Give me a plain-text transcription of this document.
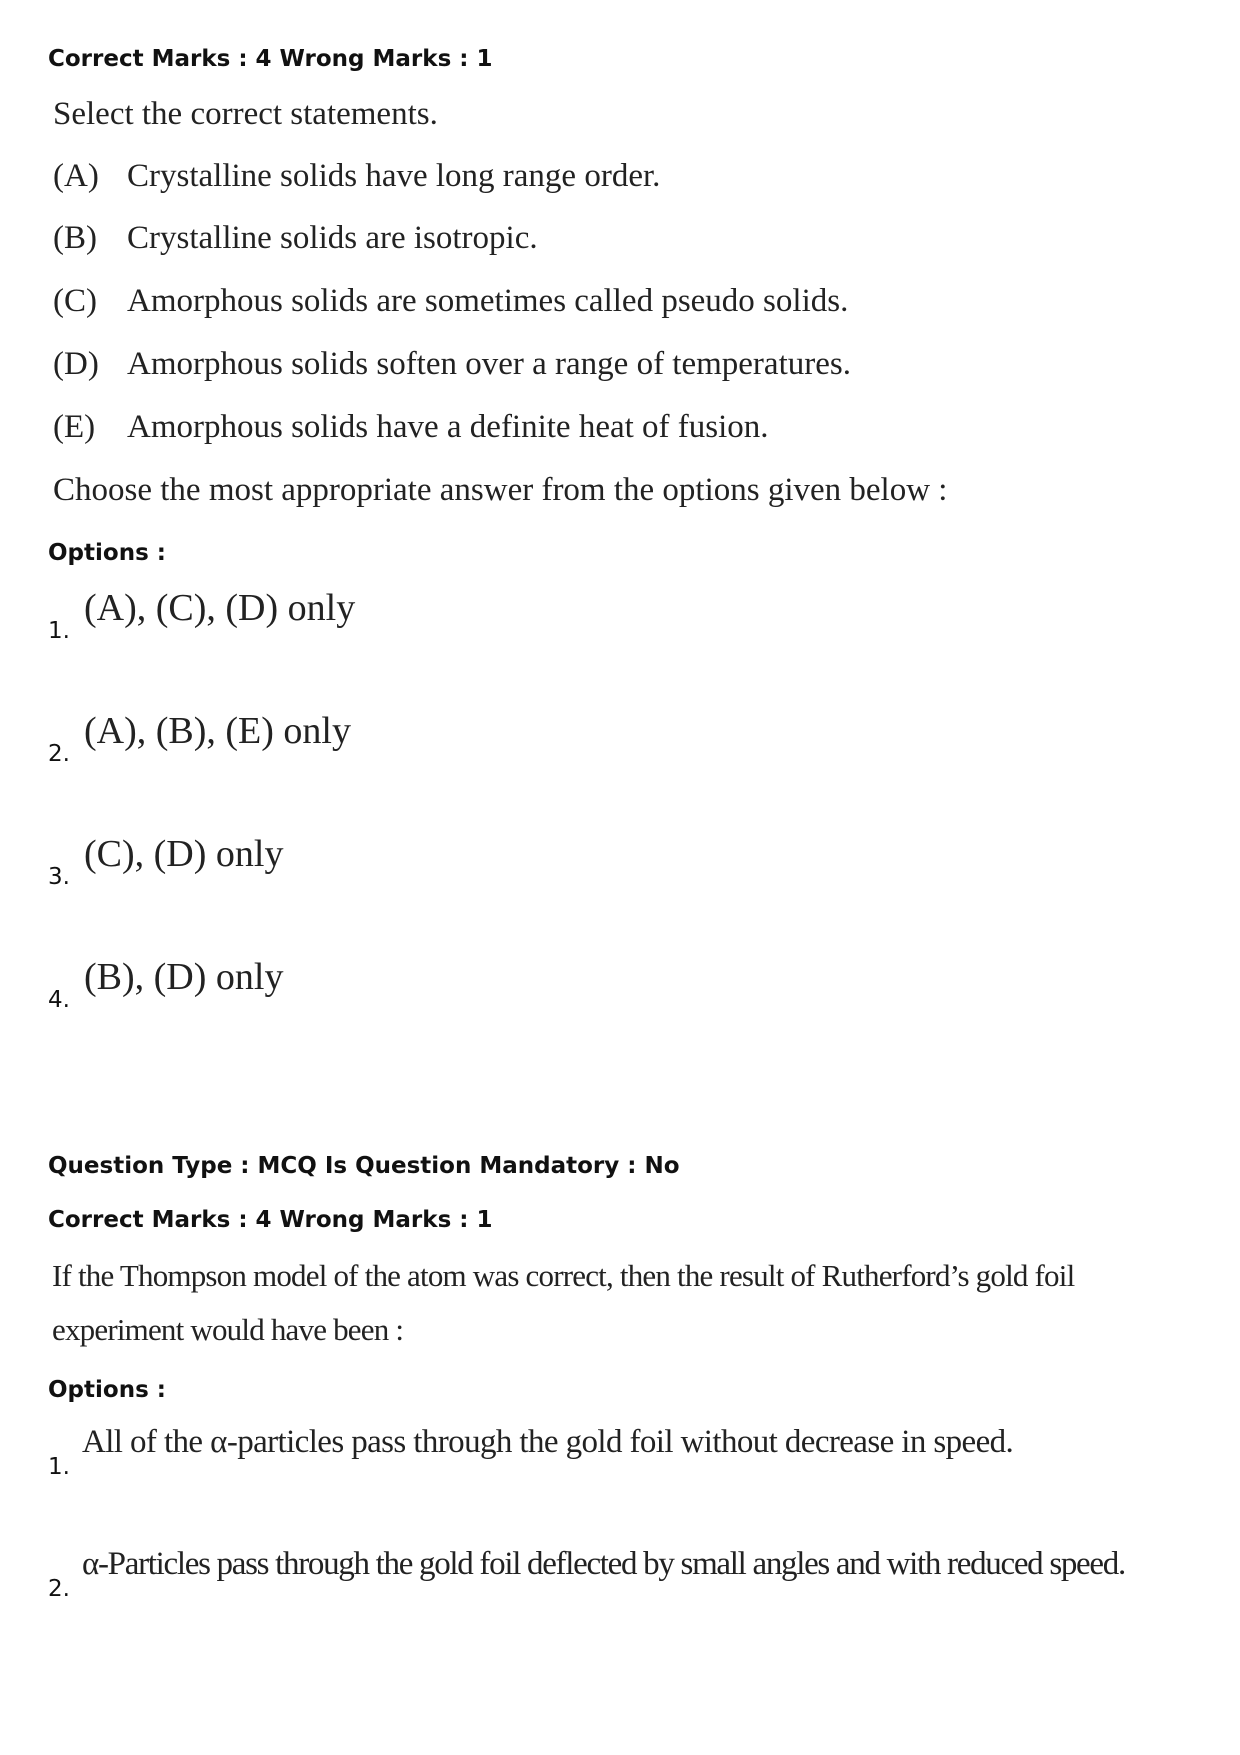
Correct Marks : 4 Wrong Marks : 1
Select the correct statements.
(A) Crystalline solids have long range order.
(B) Crystalline solids are isotropic.
(C) Amorphous solids are sometimes called pseudo solids.
(D) Amorphous solids soften over a range of temperatures.
(E) Amorphous solids have a definite heat of fusion.
Choose the most appropriate answer from the options given below :
Options :
1.
(A), (C), (D) only
2.
(A), (B), (E) only
3.
(C), (D) only
4.
(B), (D) only
Question Type : MCQ Is Question Mandatory : No
Correct Marks : 4 Wrong Marks : 1
If the Thompson model of the atom was correct, then the result of Rutherford’s gold foil
experiment would have been :
Options :
1.
All of the α-particles pass through the gold foil without decrease in speed.
2.
α-Particles pass through the gold foil deflected by small angles and with reduced speed.
